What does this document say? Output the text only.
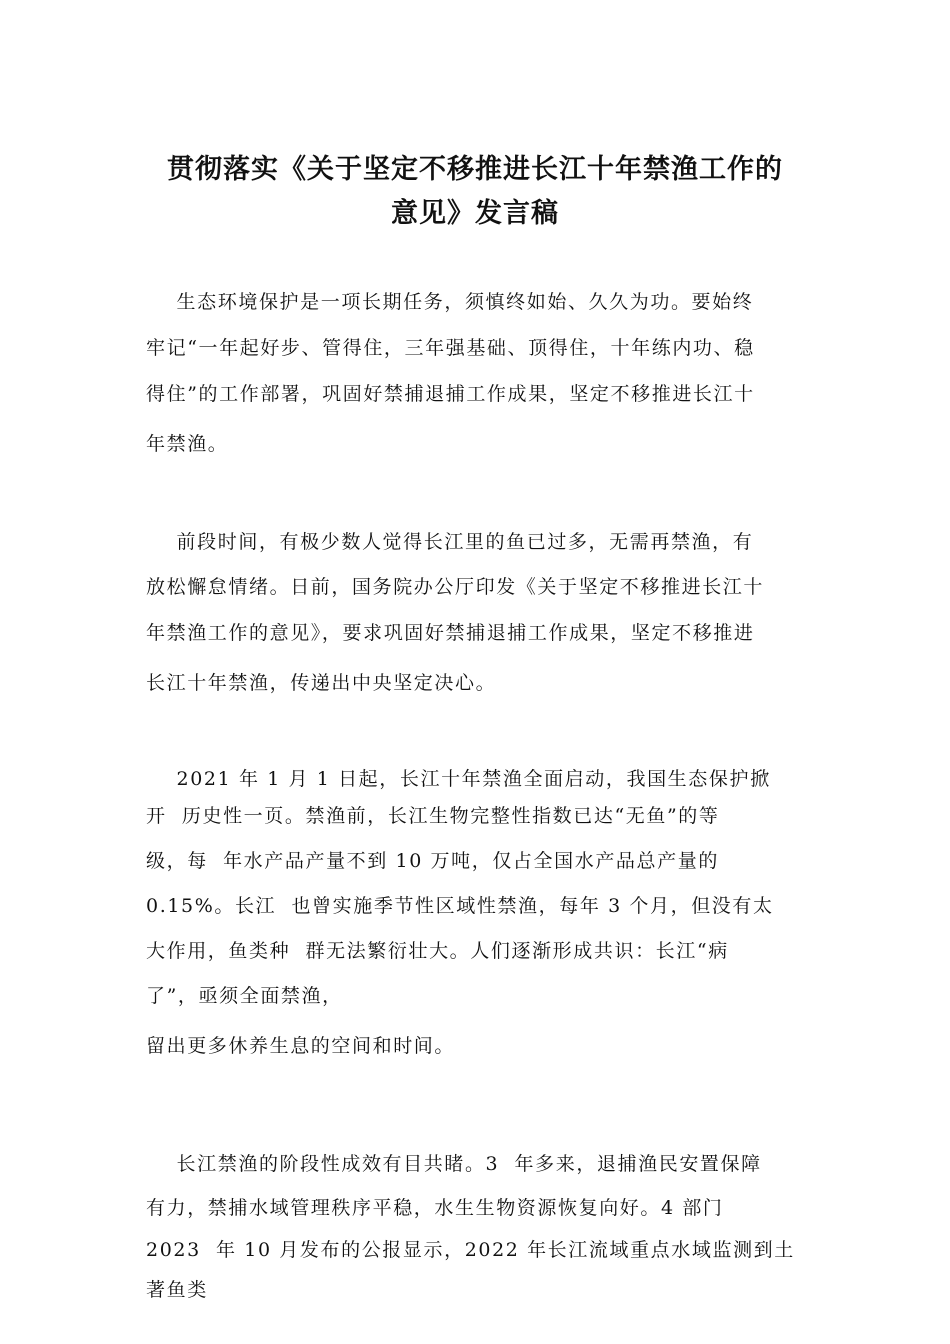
贯彻落实《关于坚定不移推进长江十年禁渔工作的
意见》发言稿
生态环境保护是一项长期任务，须慎终如始、久久为功。要始终
牢记“一年起好步、管得住，三年强基础、顶得住，十年练内功、稳
得住”的工作部署，巩固好禁捕退捕工作成果，坚定不移推进长江十
年禁渔。
前段时间，有极少数人觉得长江里的鱼已过多，无需再禁渔，有
放松懈怠情绪。日前，国务院办公厅印发《关于坚定不移推进长江十
年禁渔工作的意见》，要求巩固好禁捕退捕工作成果，坚定不移推进
长江十年禁渔，传递出中央坚定决心。
2021 年 1 月 1 日起，长江十年禁渔全面启动，我国生态保护掀
开  历史性一页。禁渔前，长江生物完整性指数已达“无鱼”的等
级，每  年水产品产量不到 10 万吨，仅占全国水产品总产量的
0.15%。长江  也曾实施季节性区域性禁渔，每年 3 个月，但没有太
大作用，鱼类种  群无法繁衍壮大。人们逐渐形成共识：长江“病
了”，亟须全面禁渔，
留出更多休养生息的空间和时间。
长江禁渔的阶段性成效有目共睹。3  年多来，退捕渔民安置保障
有力，禁捕水域管理秩序平稳，水生生物资源恢复向好。4 部门
2023  年 10 月发布的公报显示，2022 年长江流域重点水域监测到土
著鱼类
